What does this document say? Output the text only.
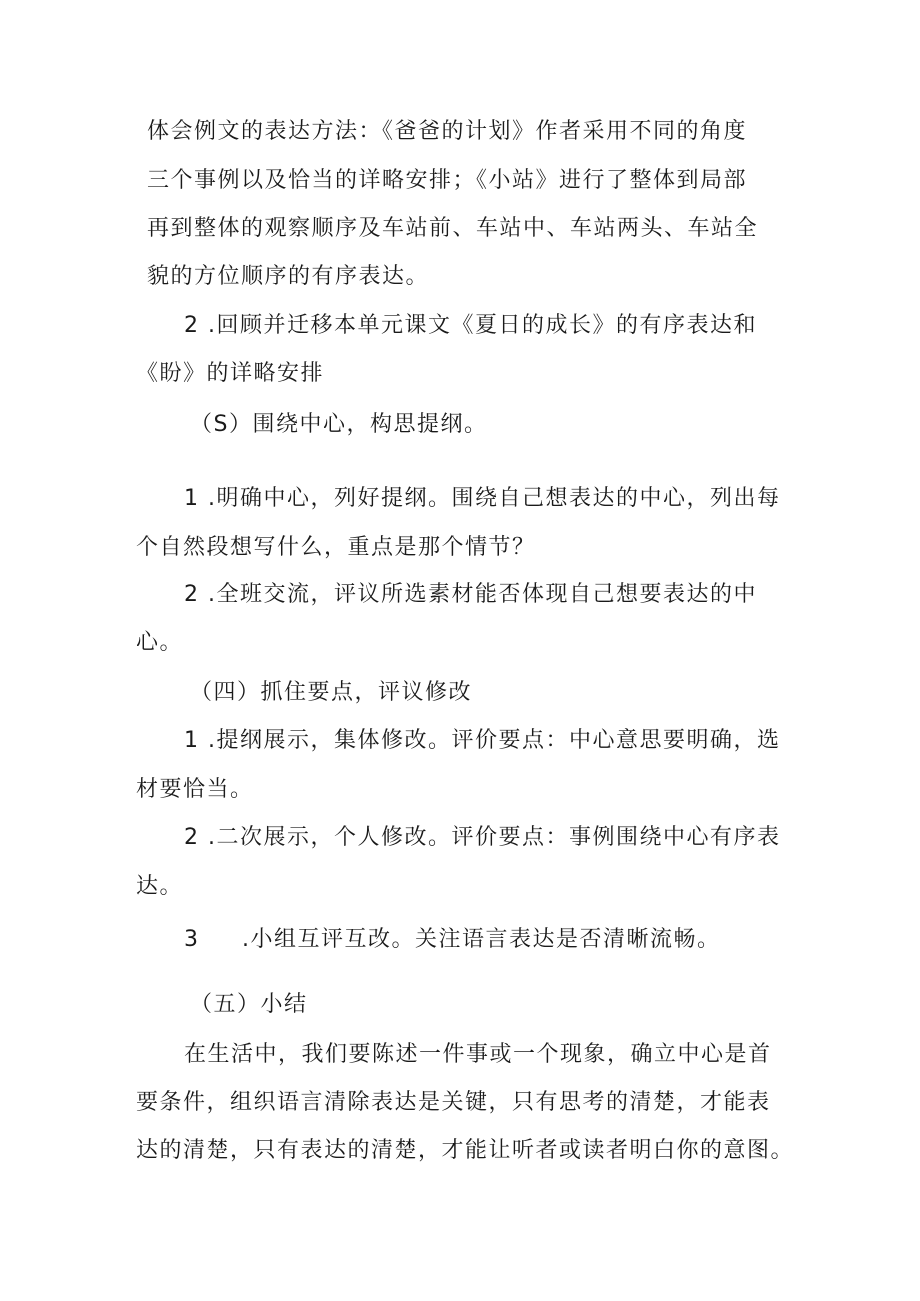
体会例文的表达方法：《爸爸的计划》作者采用不同的角度
三个事例以及恰当的详略安排；《小站》进行了整体到局部
再到整体的观察顺序及车站前、车站中、车站两头、车站全
貌的方位顺序的有序表达。
2 .回顾并迁移本单元课文《夏日的成长》的有序表达和
《盼》的详略安排
（S）围绕中心，构思提纲。
1 .明确中心，列好提纲。围绕自己想表达的中心，列出每
个自然段想写什么，重点是那个情节？
2 .全班交流，评议所选素材能否体现自己想要表达的中
心。
（四）抓住要点，评议修改
1 .提纲展示，集体修改。评价要点：中心意思要明确，选
材要恰当。
2 .二次展示，个人修改。评价要点：事例围绕中心有序表
达。
3 .小组互评互改。关注语言表达是否清晰流畅。
（五）小结
在生活中，我们要陈述一件事或一个现象，确立中心是首
要条件，组织语言清除表达是关键，只有思考的清楚，才能表
达的清楚，只有表达的清楚，才能让听者或读者明白你的意图。
